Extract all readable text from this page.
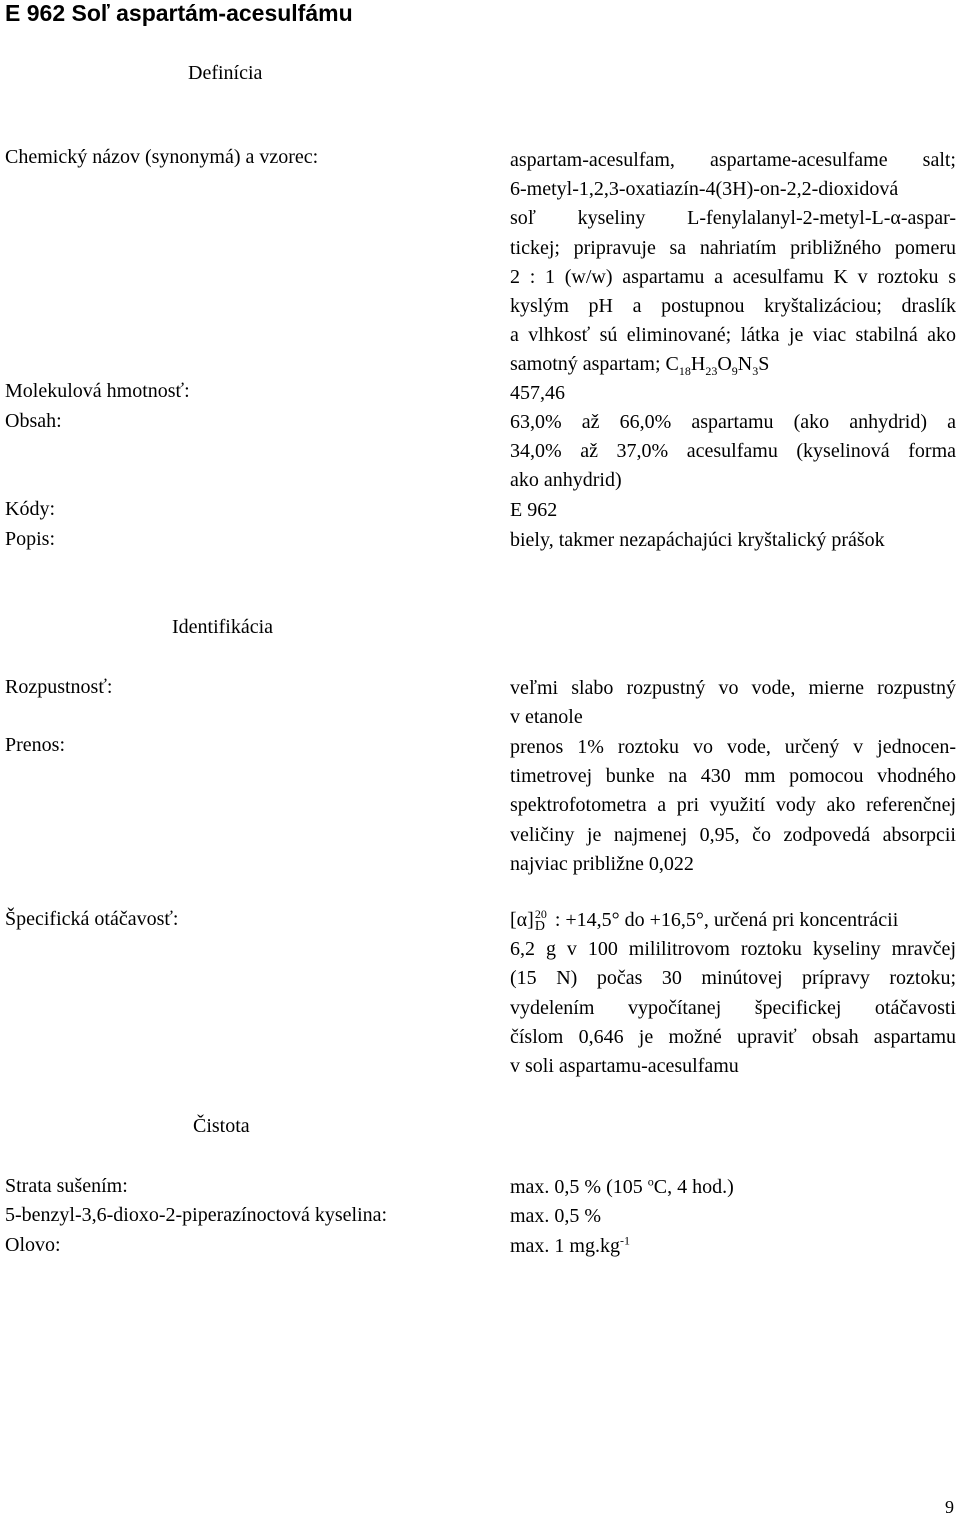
E 962 Soľ aspartám-acesulfámu
Definícia
Chemický názov (synonymá) a vzorec:	aspartam-acesulfam, aspartame-acesulfame salt;
6-metyl-1,2,3-oxatiazín-4(3H)-on-2,2-dioxidová
soľ kyseliny L-fenylalanyl-2-metyl-L-α-aspar-
tickej; pripravuje sa nahriatím približného pomeru
2 : 1 (w/w) aspartamu a acesulfamu K v roztoku s
kyslým pH a postupnou kryštalizáciou; draslík
a vlhkosť sú eliminované; látka je viac stabilná ako
samotný aspartam; $C_{18}H_{23}O_9N_3S$
Molekulová hmotnosť:	457,46
Obsah:	63,0% až 66,0% aspartamu (ako anhydrid) a
34,0% až 37,0% acesulfamu (kyselinová forma
ako anhydrid)
Kódy:	E 962
Popis:	biely, takmer nezapáchajúci kryštalický prášok
Identifikácia
Rozpustnosť:	veľmi slabo rozpustný vo vode, mierne rozpustný
v etanole
Prenos:	prenos 1% roztoku vo vode, určený v jednocen-
timetrovej bunke na 430 mm pomocou vhodného
spektrofotometra a pri využití vody ako referenčnej
veličiny je najmenej 0,95, čo zodpovedá absorpcii
najviac približne 0,022
Špecifická otáčavosť:	[α] 20
D : +14,5° do +16,5°, určená pri koncentrácii
6,2 g v 100 mililitrovom roztoku kyseliny mravčej
(15 N) počas 30 minútovej prípravy roztoku;
vydelením vypočítanej špecifickej otáčavosti
číslom 0,646 je možné upraviť obsah aspartamu
v soli aspartamu-acesulfamu
Čistota
Strata sušením:	max. 0,5 % (105 $^o$C, 4 hod.)
5-benzyl-3,6-dioxo-2-piperazínoctová kyselina:	max. 0,5 %
Olovo:	max. 1 $mg.kg^{-1}$
9
